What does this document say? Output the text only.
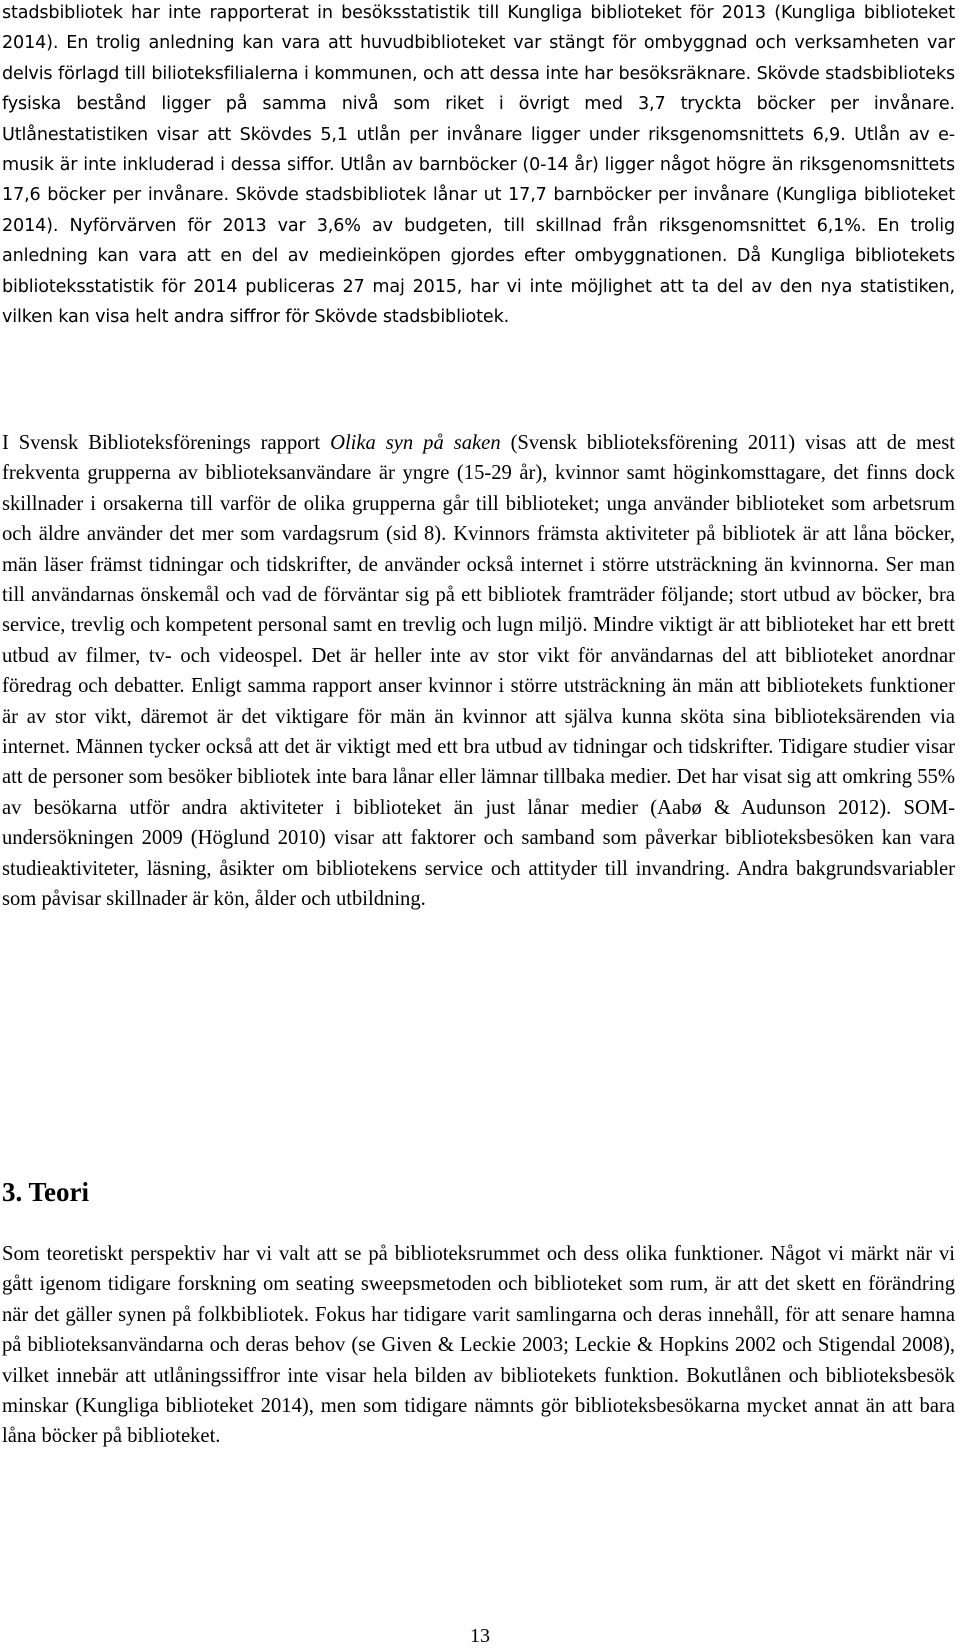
stadsbibliotek har inte rapporterat in besöksstatistik till Kungliga biblioteket för 2013 (Kungliga biblioteket 2014). En trolig anledning kan vara att huvudbiblioteket var stängt för ombyggnad och verksamheten var delvis förlagd till bilioteksfilialerna i kommunen, och att dessa inte har besöksräknare. Skövde stadsbiblioteks fysiska bestånd ligger på samma nivå som riket i övrigt med 3,7 tryckta böcker per invånare. Utlånestatistiken visar att Skövdes 5,1 utlån per invånare ligger under riksgenomsnittets 6,9. Utlån av e-musik är inte inkluderad i dessa siffor. Utlån av barnböcker (0-14 år) ligger något högre än riksgenomsnittets 17,6 böcker per invånare. Skövde stadsbibliotek lånar ut 17,7 barnböcker per invånare (Kungliga biblioteket 2014). Nyförvärven för 2013 var 3,6% av budgeten, till skillnad från riksgenomsnittet 6,1%. En trolig anledning kan vara att en del av medieinköpen gjordes efter ombyggnationen. Då Kungliga bibliotekets biblioteksstatistik för 2014 publiceras 27 maj 2015, har vi inte möjlighet att ta del av den nya statistiken, vilken kan visa helt andra siffror för Skövde stadsbibliotek.

I Svensk Biblioteksförenings rapport Olika syn på saken (Svensk biblioteksförening 2011) visas att de mest frekventa grupperna av biblioteksanvändare är yngre (15-29 år), kvinnor samt höginkomsttagare, det finns dock skillnader i orsakerna till varför de olika grupperna går till biblioteket; unga använder biblioteket som arbetsrum och äldre använder det mer som vardagsrum (sid 8). Kvinnors främsta aktiviteter på bibliotek är att låna böcker, män läser främst tidningar och tidskrifter, de använder också internet i större utsträckning än kvinnorna. Ser man till användarnas önskemål och vad de förväntar sig på ett bibliotek framträder följande; stort utbud av böcker, bra service, trevlig och kompetent personal samt en trevlig och lugn miljö. Mindre viktigt är att biblioteket har ett brett utbud av filmer, tv- och videospel. Det är heller inte av stor vikt för användarnas del att biblioteket anordnar föredrag och debatter. Enligt samma rapport anser kvinnor i större utsträckning än män att bibliotekets funktioner är av stor vikt, däremot är det viktigare för män än kvinnor att själva kunna sköta sina biblioteksärenden via internet. Männen tycker också att det är viktigt med ett bra utbud av tidningar och tidskrifter. Tidigare studier visar att de personer som besöker bibliotek inte bara lånar eller lämnar tillbaka medier. Det har visat sig att omkring 55% av besökarna utför andra aktiviteter i biblioteket än just lånar medier (Aabø & Audunson 2012). SOM-undersökningen 2009 (Höglund 2010) visar att faktorer och samband som påverkar biblioteksbesöken kan vara studieaktiviteter, läsning, åsikter om bibliotekens service och attityder till invandring. Andra bakgrundsvariabler som påvisar skillnader är kön, ålder och utbildning.

3. Teori

Som teoretiskt perspektiv har vi valt att se på biblioteksrummet och dess olika funktioner. Något vi märkt när vi gått igenom tidigare forskning om seating sweepsmetoden och biblioteket som rum, är att det skett en förändring när det gäller synen på folkbibliotek. Fokus har tidigare varit samlingarna och deras innehåll, för att senare hamna på biblioteksanvändarna och deras behov (se Given & Leckie 2003; Leckie & Hopkins 2002 och Stigendal 2008), vilket innebär att utlåningssiffror inte visar hela bilden av bibliotekets funktion. Bokutlånen och biblioteksbesök minskar (Kungliga biblioteket 2014), men som tidigare nämnts gör biblioteksbesökarna mycket annat än att bara låna böcker på biblioteket.

13
